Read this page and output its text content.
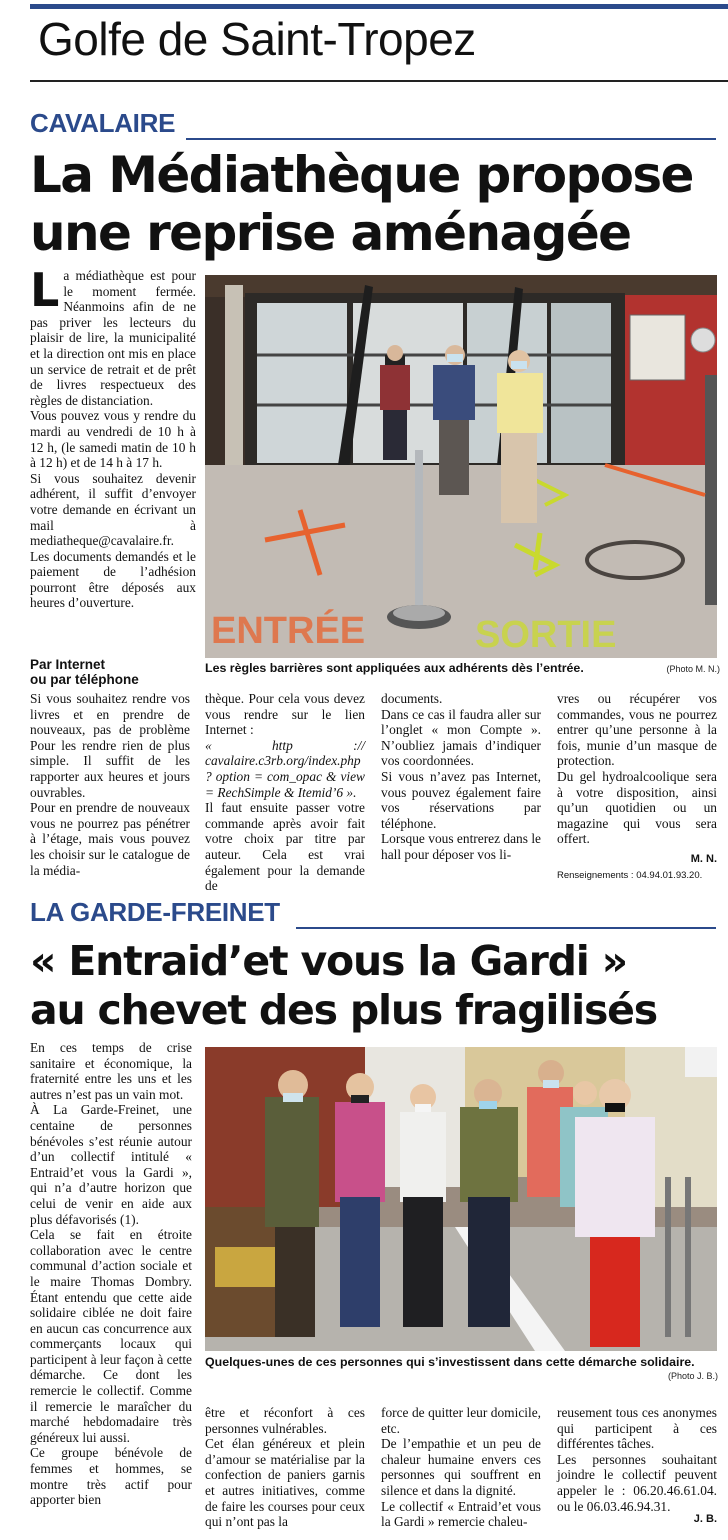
Golfe de Saint-Tropez
CAVALAIRE
La Médiathèque propose
une reprise aménagée

La médiathèque est pour le moment fermée. Néanmoins afin de ne pas priver les lecteurs du plaisir de lire, la municipalité et la direction ont mis en place un service de retrait et de prêt de livres respectueux des règles de distanciation.

Vous pouvez vous y rendre du mardi au vendredi de 10 h à 12 h, (le samedi matin de 10 h à 12 h) et de 14 h à 17 h.

Si vous souhaitez devenir adhérent, il suffit d’envoyer votre demande en écrivant un mail à mediatheque@cavalaire.fr.

Les documents demandés et le paiement de l’adhésion pourront être déposés aux heures d’ouverture.

ENTRÉE	SORTIE
Les règles barrières sont appliquées aux adhérents dès l’entrée.	(Photo M. N.)
Par Internet
ou par téléphone

Si vous souhaitez rendre vos livres et en prendre de nouveaux, pas de problème Pour les rendre rien de plus simple. Il suffit de les rapporter aux heures et jours ouvrables.

Pour en prendre de nouveaux vous ne pourrez pas pénétrer à l’étage, mais vous pouvez les choisir sur le catalogue de la média-

thèque. Pour cela vous devez vous rendre sur le lien Internet :

« http :// cavalaire.c3rb.org/index.php ? option = com_opac & view = RechSimple & Itemid’6 ».

Il faut ensuite passer votre commande après avoir fait votre choix par titre par auteur. Cela est vrai également pour la demande de

documents.

Dans ce cas il faudra aller sur l’onglet « mon Compte ». N’oubliez jamais d’indiquer vos coordonnées.

Si vous n’avez pas Internet, vous pouvez également faire vos réservations par téléphone.

Lorsque vous entrerez dans le hall pour déposer vos li-

vres ou récupérer vos commandes, vous ne pourrez entrer qu’une personne à la fois, munie d’un masque de protection.

Du gel hydroalcoolique sera à votre disposition, ainsi qu’un quotidien ou un magazine qui vous sera offert.

M. N.
Renseignements : 04.94.01.93.20.
LA GARDE-FREINET
« Entraid’et vous la Gardi »
au chevet des plus fragilisés

En ces temps de crise sanitaire et économique, la fraternité entre les uns et les autres n’est pas un vain mot.

À La Garde-Freinet, une centaine de personnes bénévoles s’est réunie autour d’un collectif intitulé « Entraid’et vous la Gardi », qui n’a d’autre horizon que celui de venir en aide aux plus défavorisés (1).

Cela se fait en étroite collaboration avec le centre communal d’action sociale et le maire Thomas Dombry. Étant entendu que cette aide solidaire ciblée ne doit faire en aucun cas concurrence aux commerçants locaux qui participent à leur façon à cette démarche. Ce dont les remercie le collectif. Comme il remercie le maraîcher du marché hebdomadaire très généreux lui aussi.

Ce groupe bénévole de femmes et hommes, se montre très actif pour apporter bien

Quelques-unes de ces personnes qui s’investissent dans cette démarche solidaire.
(Photo J. B.)

être et réconfort à ces personnes vulnérables.

Cet élan généreux et plein d’amour se matérialise par la confection de paniers garnis et autres initiatives, comme de faire les courses pour ceux qui n’ont pas la

force de quitter leur domicile, etc.

De l’empathie et un peu de chaleur humaine envers ces personnes qui souffrent en silence et dans la dignité.

Le collectif « Entraid’et vous la Gardi » remercie chaleu-

reusement tous ces anonymes qui participent à ces différentes tâches.

Les personnes souhaitant joindre le collectif peuvent appeler le : 06.20.46.61.04. ou le 06.03.46.94.31.

J. B.
